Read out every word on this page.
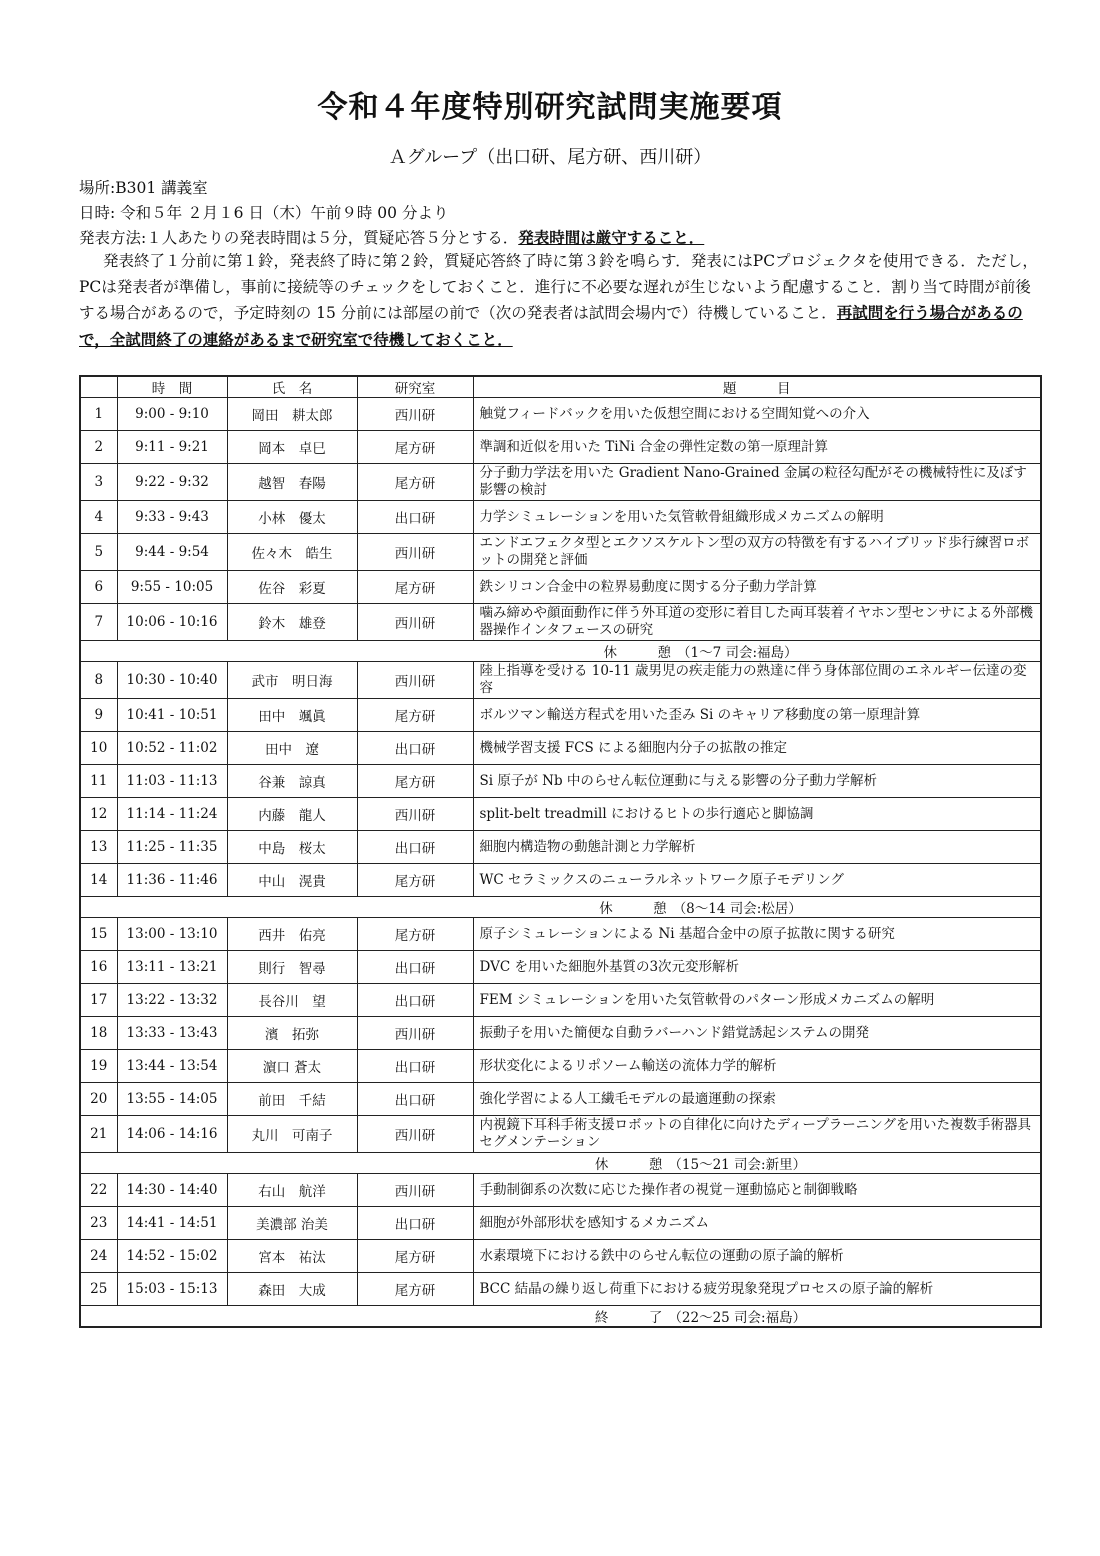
令和４年度特別研究試問実施要項
Ａグループ（出口研、尾方研、西川研）
場所:B301 講義室
日時: 令和５年 ２月１6 日（木）午前９時 00 分より
発表方法:１人あたりの発表時間は５分，質疑応答５分とする．発表時間は厳守すること．
発表終了１分前に第１鈴，発表終了時に第２鈴，質疑応答終了時に第３鈴を鳴らす．発表にはPCプロジェクタを使用できる．ただし，PCは発表者が準備し，事前に接続等のチェックをしておくこと．進行に不必要な遅れが生じないよう配慮すること．割り当て時間が前後する場合があるので，予定時刻の 15 分前には部屋の前で（次の発表者は試問会場内で）待機していること．再試問を行う場合があるので，全試問終了の連絡があるまで研究室で待機しておくこと．
	時　間	氏　名	研究室	題　　　目
1	9:00 - 9:10	岡田　耕太郎	西川研	触覚フィードバックを用いた仮想空間における空間知覚への介入
2	9:11 - 9:21	岡本　卓巳	尾方研	準調和近似を用いた TiNi 合金の弾性定数の第一原理計算
3	9:22 - 9:32	越智　春陽	尾方研	分子動力学法を用いた Gradient Nano-Grained 金属の粒径勾配がその機械特性に及ぼす影響の検討
4	9:33 - 9:43	小林　優太	出口研	力学シミュレーションを用いた気管軟骨組織形成メカニズムの解明
5	9:44 - 9:54	佐々木　皓生	西川研	エンドエフェクタ型とエクソスケルトン型の双方の特徴を有するハイブリッド歩行練習ロボットの開発と評価
6	9:55 - 10:05	佐谷　彩夏	尾方研	鉄シリコン合金中の粒界易動度に関する分子動力学計算
7	10:06 - 10:16	鈴木　雄登	西川研	噛み締めや顔面動作に伴う外耳道の変形に着目した両耳装着イヤホン型センサによる外部機器操作インタフェースの研究
休　　　憩 （1～7 司会:福島）				
8	10:30 - 10:40	武市　明日海	西川研	陸上指導を受ける 10-11 歳男児の疾走能力の熟達に伴う身体部位間のエネルギー伝達の変容
9	10:41 - 10:51	田中　颯眞	尾方研	ボルツマン輸送方程式を用いた歪み Si のキャリア移動度の第一原理計算
10	10:52 - 11:02	田中　遼	出口研	機械学習支援 FCS による細胞内分子の拡散の推定
11	11:03 - 11:13	谷兼　諒真	尾方研	Si 原子が Nb 中のらせん転位運動に与える影響の分子動力学解析
12	11:14 - 11:24	内藤　龍人	西川研	split-belt treadmill におけるヒトの歩行適応と脚協調
13	11:25 - 11:35	中島　桜太	出口研	細胞内構造物の動態計測と力学解析
14	11:36 - 11:46	中山　滉貴	尾方研	WC セラミックスのニューラルネットワーク原子モデリング
休　　　憩 （8～14 司会:松居）				
15	13:00 - 13:10	西井　佑亮	尾方研	原子シミュレーションによる Ni 基超合金中の原子拡散に関する研究
16	13:11 - 13:21	則行　智尋	出口研	DVC を用いた細胞外基質の3次元変形解析
17	13:22 - 13:32	長谷川　望	出口研	FEM シミュレーションを用いた気管軟骨のパターン形成メカニズムの解明
18	13:33 - 13:43	濱　拓弥	西川研	振動子を用いた簡便な自動ラバーハンド錯覚誘起システムの開発
19	13:44 - 13:54	濵口 蒼太	出口研	形状変化によるリポソーム輸送の流体力学的解析
20	13:55 - 14:05	前田　千結	出口研	強化学習による人工繊毛モデルの最適運動の探索
21	14:06 - 14:16	丸川　可南子	西川研	内視鏡下耳科手術支援ロボットの自律化に向けたディープラーニングを用いた複数手術器具セグメンテーション
休　　　憩 （15～21 司会:新里）				
22	14:30 - 14:40	右山　航洋	西川研	手動制御系の次数に応じた操作者の視覚－運動協応と制御戦略
23	14:41 - 14:51	美濃部 治美	出口研	細胞が外部形状を感知するメカニズム
24	14:52 - 15:02	宮本　祐汰	尾方研	水素環境下における鉄中のらせん転位の運動の原子論的解析
25	15:03 - 15:13	森田　大成	尾方研	BCC 結晶の繰り返し荷重下における疲労現象発現プロセスの原子論的解析
終　　　了 （22～25 司会:福島）				
